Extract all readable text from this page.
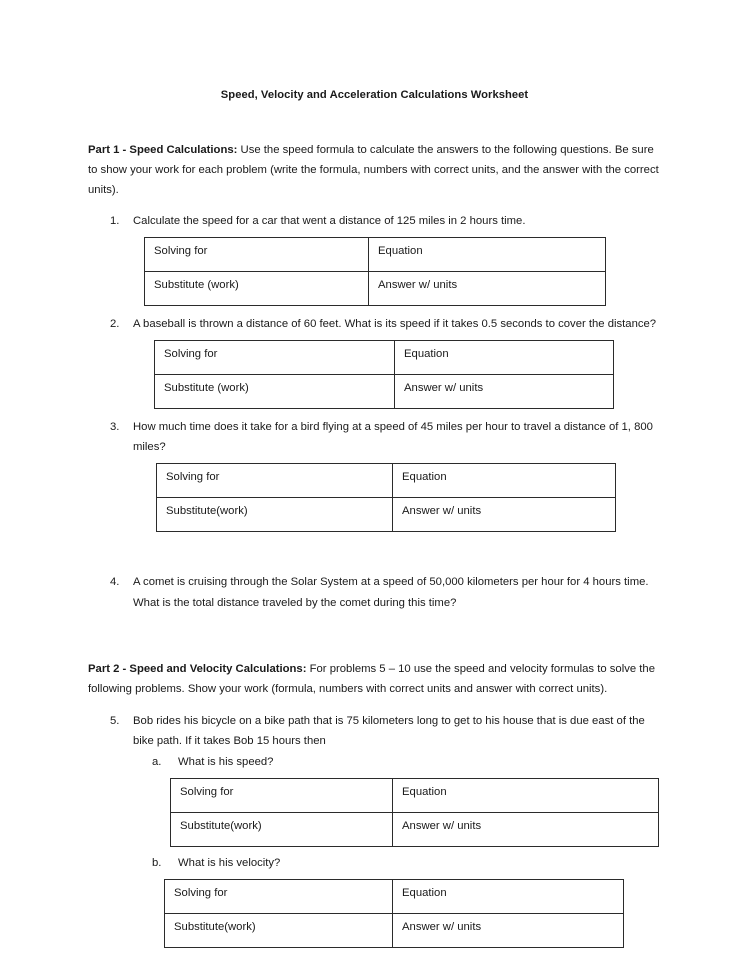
Speed, Velocity and Acceleration Calculations Worksheet

Part 1 - Speed Calculations: Use the speed formula to calculate the answers to the following questions. Be sure to show your work for each problem (write the formula, numbers with correct units, and the answer with the correct units).

1.	Calculate the speed for a car that went a distance of 125 miles in 2 hours time.
Solving for	Equation
Substitute (work)	Answer w/ units
2.	A baseball is thrown a distance of 60 feet. What is its speed if it takes 0.5 seconds to cover the distance?
Solving for	Equation
Substitute (work)	Answer w/ units
3.	How much time does it take for a bird flying at a speed of 45 miles per hour to travel a distance of 1, 800 miles?
Solving for	Equation
Substitute(work)	Answer w/ units
4.	A comet is cruising through the Solar System at a speed of 50,000 kilometers per hour for 4 hours time. What is the total distance traveled by the comet during this time?

Part 2 - Speed and Velocity Calculations: For problems 5 – 10 use the speed and velocity formulas to solve the following problems. Show your work (formula, numbers with correct units and answer with correct units).

5.	Bob rides his bicycle on a bike path that is 75 kilometers long to get to his house that is due east of the bike path. If it takes Bob 15 hours then
a.	What is his speed?
Solving for	Equation
Substitute(work)	Answer w/ units
b.	What is his velocity?
Solving for	Equation
Substitute(work)	Answer w/ units
